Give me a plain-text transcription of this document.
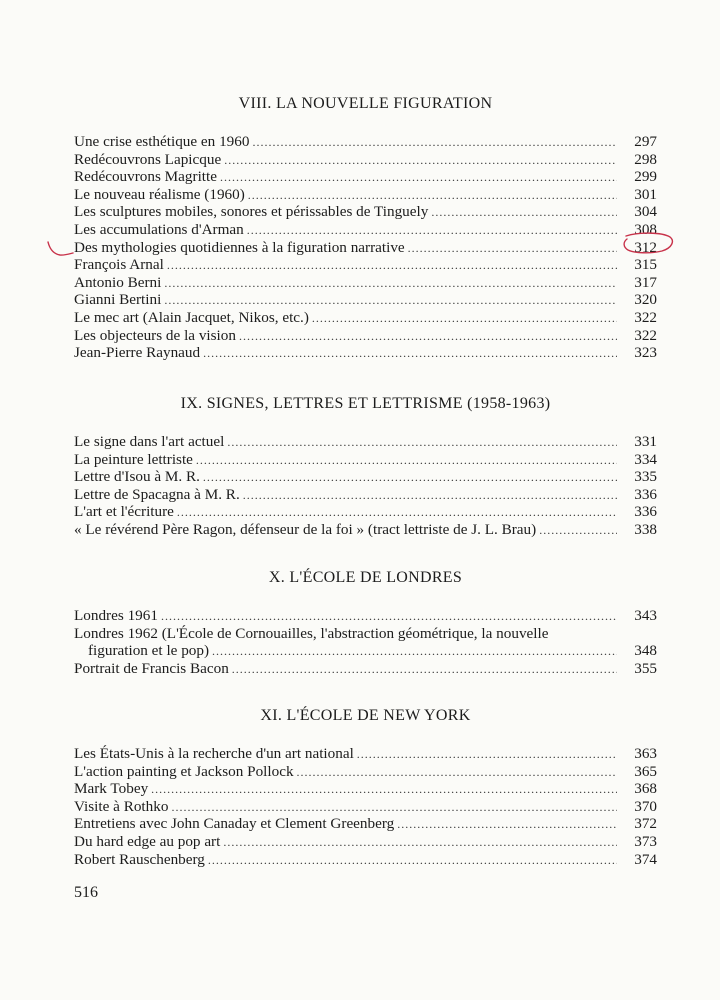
VIII. LA NOUVELLE FIGURATION
Une crise esthétique en 1960 .....	297
Redécouvrons Lapicque .....	298
Redécouvrons Magritte .....	299
Le nouveau réalisme (1960) .....	301
Les sculptures mobiles, sonores et périssables de Tinguely .....	304
Les accumulations d'Arman .....	308
Des mythologies quotidiennes à la figuration narrative .....	312
François Arnal .....	315
Antonio Berni .....	317
Gianni Bertini .....	320
Le mec art (Alain Jacquet, Nikos, etc.) .....	322
Les objecteurs de la vision .....	322
Jean-Pierre Raynaud .....	323
IX. SIGNES, LETTRES ET LETTRISME (1958-1963)
Le signe dans l'art actuel .....	331
La peinture lettriste .....	334
Lettre d'Isou à M. R. .....	335
Lettre de Spacagna à M. R. .....	336
L'art et l'écriture .....	336
« Le révérend Père Ragon, défenseur de la foi » (tract lettriste de J. L. Brau) .....	338
X. L'ÉCOLE DE LONDRES
Londres 1961 .....	343
Londres 1962 (L'École de Cornouailles, l'abstraction géométrique, la nouvelle
figuration et le pop) .....	348
Portrait de Francis Bacon .....	355
XI. L'ÉCOLE DE NEW YORK
Les États-Unis à la recherche d'un art national .....	363
L'action painting et Jackson Pollock .....	365
Mark Tobey .....	368
Visite à Rothko .....	370
Entretiens avec John Canaday et Clement Greenberg .....	372
Du hard edge au pop art .....	373
Robert Rauschenberg .....	374
516
